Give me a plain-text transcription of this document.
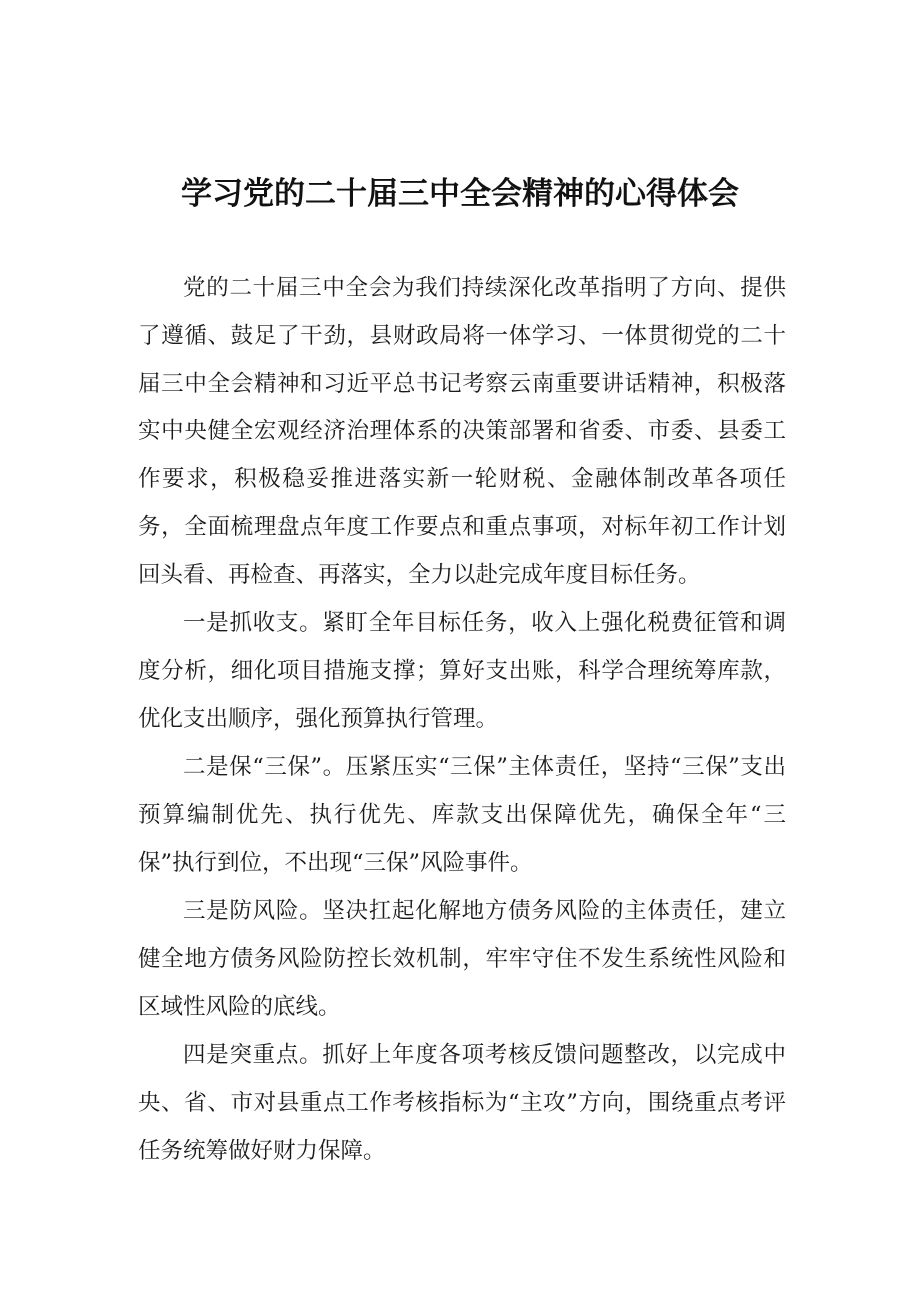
学习党的二十届三中全会精神的心得体会

党的二十届三中全会为我们持续深化改革指明了方向、提供了遵循、鼓足了干劲，县财政局将一体学习、一体贯彻党的二十届三中全会精神和习近平总书记考察云南重要讲话精神，积极落实中央健全宏观经济治理体系的决策部署和省委、市委、县委工作要求，积极稳妥推进落实新一轮财税、金融体制改革各项任务，全面梳理盘点年度工作要点和重点事项，对标年初工作计划回头看、再检查、再落实，全力以赴完成年度目标任务。

一是抓收支。紧盯全年目标任务，收入上强化税费征管和调度分析，细化项目措施支撑；算好支出账，科学合理统筹库款，优化支出顺序，强化预算执行管理。

二是保“三保”。压紧压实“三保”主体责任，坚持“三保”支出预算编制优先、执行优先、库款支出保障优先，确保全年“三保”执行到位，不出现“三保”风险事件。

三是防风险。坚决扛起化解地方债务风险的主体责任，建立健全地方债务风险防控长效机制，牢牢守住不发生系统性风险和区域性风险的底线。

四是突重点。抓好上年度各项考核反馈问题整改，以完成中央、省、市对县重点工作考核指标为“主攻”方向，围绕重点考评任务统筹做好财力保障。
